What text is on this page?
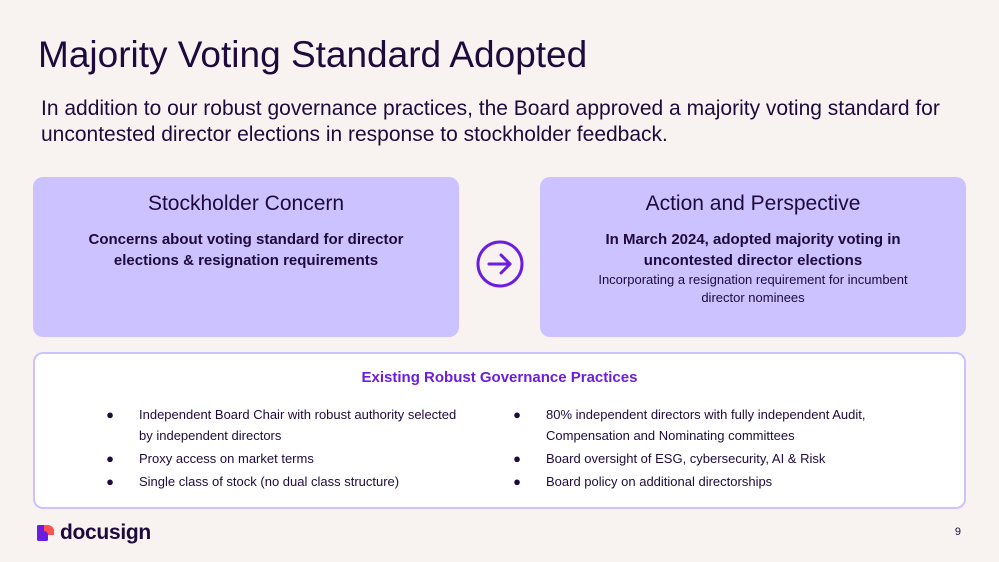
Majority Voting Standard Adopted
In addition to our robust governance practices, the Board approved a majority voting standard for uncontested director elections in response to stockholder feedback.
Stockholder Concern
Concerns about voting standard for director elections & resignation requirements
Action and Perspective
In March 2024, adopted majority voting in uncontested director elections
Incorporating a resignation requirement for incumbent director nominees
Existing Robust Governance Practices
● Independent Board Chair with robust authority selected by independent directors
● Proxy access on market terms
● Single class of stock (no dual class structure)
● 80% independent directors with fully independent Audit, Compensation and Nominating committees
● Board oversight of ESG, cybersecurity, AI & Risk
● Board policy on additional directorships
docusign	9
